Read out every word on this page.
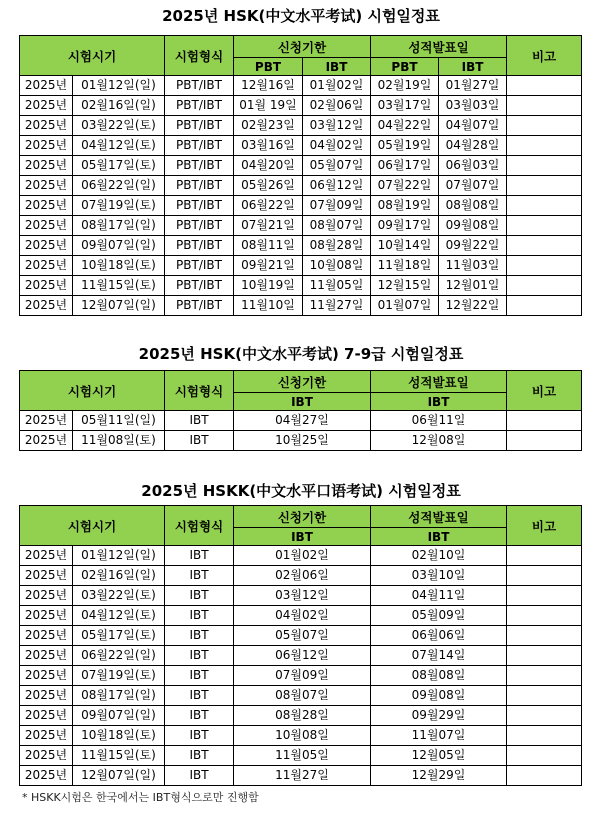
2025년 HSK(中文水平考试) 시험일정표
시험시기		시험형식	신청기한		성적발표일		비고
			PBT	IBT	PBT	IBT	
2025년	01월12일(일)	PBT/IBT	12월16일	01월02일	02월19일	01월27일	
2025년	02월16일(일)	PBT/IBT	01월 19일	02월06일	03월17일	03월03일	
2025년	03월22일(토)	PBT/IBT	02월23일	03월12일	04월22일	04월07일	
2025년	04월12일(토)	PBT/IBT	03월16일	04월02일	05월19일	04월28일	
2025년	05월17일(토)	PBT/IBT	04월20일	05월07일	06월17일	06월03일	
2025년	06월22일(일)	PBT/IBT	05월26일	06월12일	07월22일	07월07일	
2025년	07월19일(토)	PBT/IBT	06월22일	07월09일	08월19일	08월08일	
2025년	08월17일(일)	PBT/IBT	07월21일	08월07일	09월17일	09월08일	
2025년	09월07일(일)	PBT/IBT	08월11일	08월28일	10월14일	09월22일	
2025년	10월18일(토)	PBT/IBT	09월21일	10월08일	11월18일	11월03일	
2025년	11월15일(토)	PBT/IBT	10월19일	11월05일	12월15일	12월01일	
2025년	12월07일(일)	PBT/IBT	11월10일	11월27일	01월07일	12월22일	
2025년 HSK(中文水平考试) 7-9급 시험일정표
시험시기		시험형식	신청기한	성적발표일	비고
			IBT	IBT	
2025년	05월11일(일)	IBT	04월27일	06월11일	
2025년	11월08일(토)	IBT	10월25일	12월08일	
2025년 HSKK(中文水平口语考试) 시험일정표
시험시기		시험형식	신청기한	성적발표일	비고
			IBT	IBT	
2025년	01월12일(일)	IBT	01월02일	02월10일	
2025년	02월16일(일)	IBT	02월06일	03월10일	
2025년	03월22일(토)	IBT	03월12일	04월11일	
2025년	04월12일(토)	IBT	04월02일	05월09일	
2025년	05월17일(토)	IBT	05월07일	06월06일	
2025년	06월22일(일)	IBT	06월12일	07월14일	
2025년	07월19일(토)	IBT	07월09일	08월08일	
2025년	08월17일(일)	IBT	08월07일	09월08일	
2025년	09월07일(일)	IBT	08월28일	09월29일	
2025년	10월18일(토)	IBT	10월08일	11월07일	
2025년	11월15일(토)	IBT	11월05일	12월05일	
2025년	12월07일(일)	IBT	11월27일	12월29일	
* HSKK시험은 한국에서는 IBT형식으로만 진행함
